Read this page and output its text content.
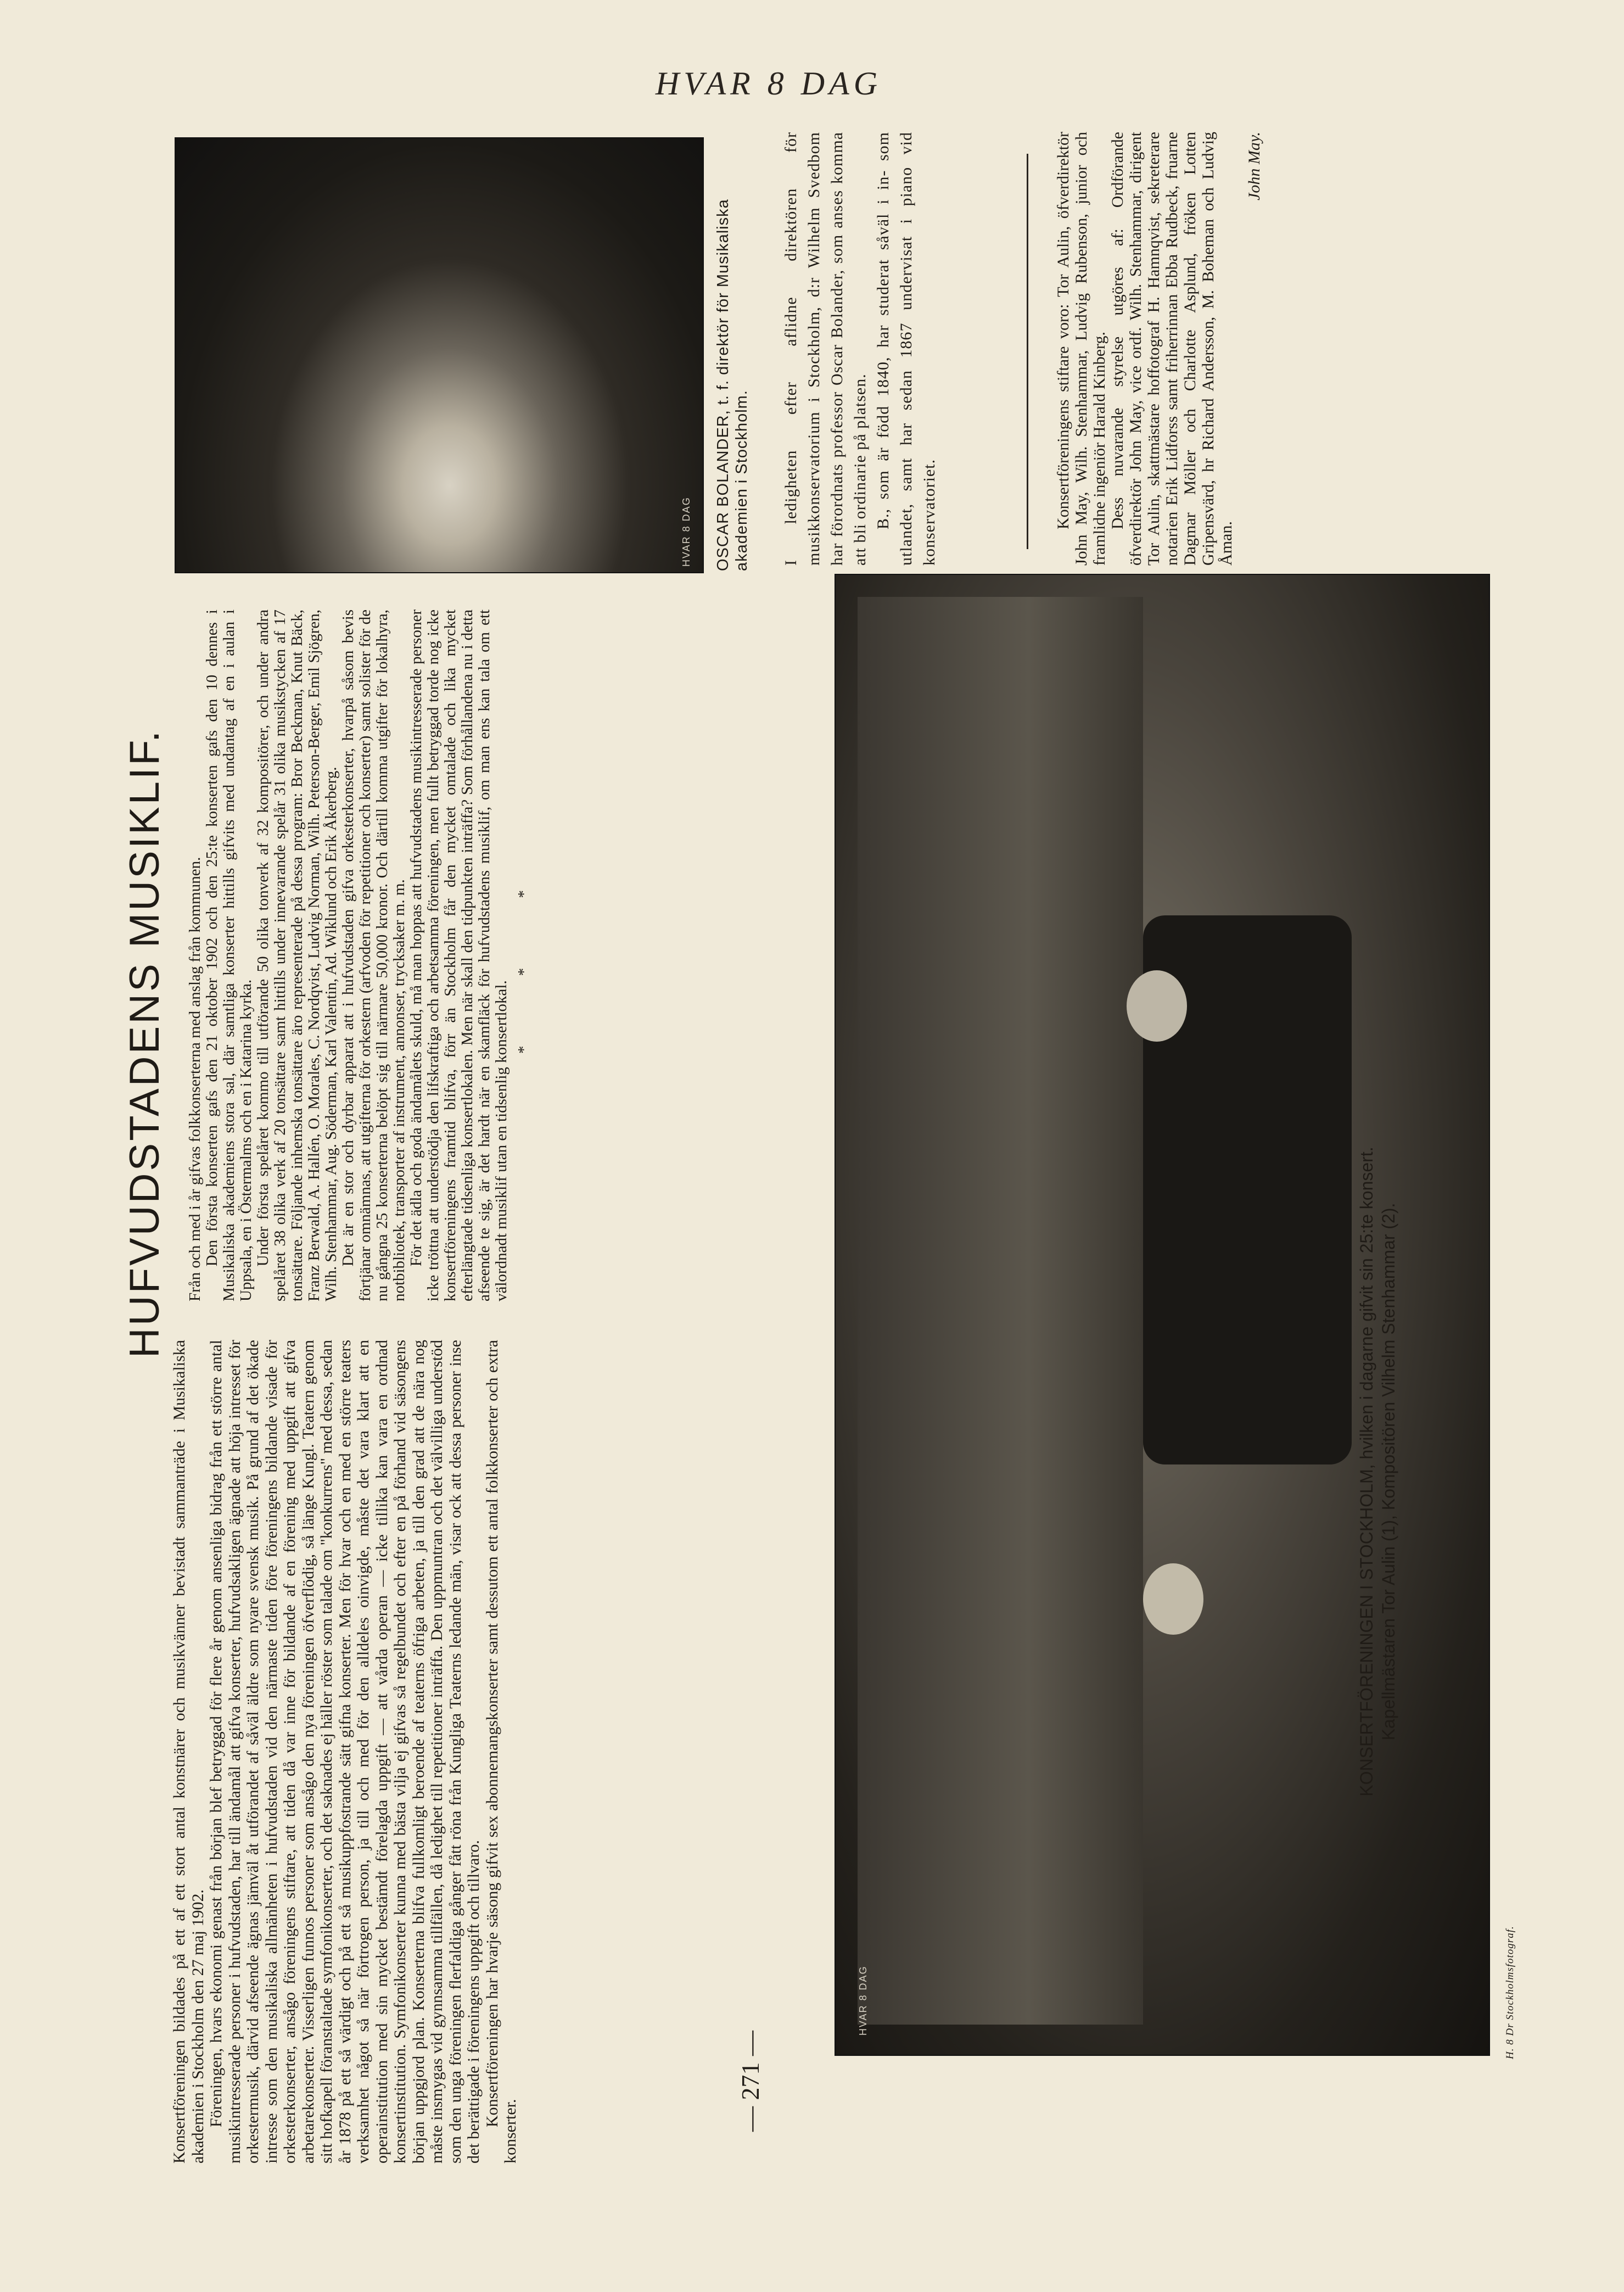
HVAR 8 DAG
— 271 —
HUFVUDSTADENS MUSIKLIF.

Konsertföreningen bildades på ett af ett stort antal konstnärer och musikvänner bevistadt sammanträde i Musikaliska akademien i Stockholm den 27 maj 1902. Föreningen, hvars ekonomi genast från början blef betryggad för flere år genom ansenliga bidrag från ett större antal musikintresserade personer i hufvudstaden, har till ändamål att gifva konserter, hufvudsakligen ägnade att höja intresset för orkestermusik, därvid afseende ägnas jämväl åt utförandet af såväl äldre som nyare svensk musik. På grund af det ökade intresse som den musikaliska allmänheten i hufvudstaden vid den närmaste tiden före föreningens bildande visade för orkesterkonserter, ansågo föreningens stiftare, att tiden då var inne för bildande af en förening med uppgift att gifva arbetarekonserter. Visserligen funnos personer som ansågo den nya föreningen öfverflödig, så länge Kungl. Teatern genom sitt hofkapell föranstaltade symfonikonserter, och det saknades ej häller röster som talade om "konkurrens" med dessa, sedan år 1878 på ett så värdigt och på ett så musikuppfostrande sätt gifna konserter. Men för hvar och en med en större teaters verksamhet något så när förtrogen person, ja till och med för den alldeles oinvigde, måste det vara klart att en operainstitution med sin mycket bestämdt förelagda uppgift — att vårda operan — icke tillika kan vara en ordnad konsertinstitution. Symfonikonserter kunna med bästa vilja ej gifvas så regelbundet och efter en på förhand vid säsongens början uppgjord plan. Konserterna blifva fullkomligt beroende af teaterns öfriga arbeten, ja till den grad att de nära nog måste insmygas vid gynnsamma tillfällen, då ledighet till repetitioner inträffa. Den uppmuntran och det välvilliga understöd som den unga föreningen flerfaldiga gånger fått röna från Kungliga Teaterns ledande män, visar ock att dessa personer inse det berättigade i föreningens uppgift och tillvaro. Konsertföreningen har hvarje säsong gifvit sex abonnemangskonserter samt dessutom ett antal folkkonserter och extra konserter.

Från och med i år gifvas folkkonserterna med anslag från kommunen. Den första konserten gafs den 21 oktober 1902 och den 25:te konserten gafs den 10 dennes i Musikaliska akademiens stora sal, där samtliga konserter hittills gifvits med undantag af en i aulan i Uppsala, en i Östermalms och en i Katarina kyrka. Under första spelåret kommo till utförande 50 olika tonverk af 32 kompositörer, och under andra spelåret 38 olika verk af 20 tonsättare samt hittills under innevarande spelår 31 olika musikstycken af 17 tonsättare. Följande inhemska tonsättare äro representerade på dessa program: Bror Beckman, Knut Bäck, Franz Berwald, A. Hallén, O. Morales, C. Nordqvist, Ludvig Norman, Wilh. Peterson-Berger, Emil Sjögren, Wilh. Stenhammar, Aug. Söderman, Karl Valentin, Ad. Wiklund och Erik Åkerberg. Det är en stor och dyrbar apparat att i hufvudstaden gifva orkesterkonserter, hvarpå såsom bevis förtjänar omnämnas, att utgifterna för orkestern (arfvoden för repetitioner och konserter) samt solister för de nu gångna 25 konserterna belöpt sig till närmare 50,000 kronor. Och därtill komma utgifter för lokalhyra, notbibliotek, transporter af instrument, annonser, trycksaker m. m. För det ädla och goda ändamålets skuld, må man hoppas att hufvudstadens musikintresserade personer icke tröttna att understödja den lifskraftiga och arbetsamma föreningen, men fullt betryggad torde nog icke konsertföreningens framtid blifva, förr än Stockholm får den mycket omtalade och lika mycket efterlängtade tidsenliga konsertlokalen. Men när skall den tidpunkten inträffa? Som förhållandena nu i detta afseende te sig, är det hardt när en skamfläck för hufvudstadens musiklif, om man ens kan tala om ett välordnadt musiklif utan en tidsenlig konsertlokal.

* * *

HVAR 8 DAG OSCAR BOLANDER, t. f. direktör för Musikaliska akademien i Stockholm.	I ledigheten efter aflidne direktören för musikkonservatorium i Stockholm, d:r Wilhelm Svedbom har förordnats professor Oscar Bolander, som anses komma att bli ordinarie på platsen. B., som är född 1840, har studerat såväl i in- som utlandet, samt har sedan 1867 undervisat i piano vid konservatoriet.	Konsertföreningens stiftare voro: Tor Aulin, öfverdirektör John May, Wilh. Stenhammar, Ludvig Rubenson, junior och framlidne ingeniör Harald Kinberg. Dess nuvarande styrelse utgöres af: Ordförande öfverdirektör John May, vice ordf. Wilh. Stenhammar, dirigent Tor Aulin, skattmästare hoffotograf H. Hamnqvist, sekreterare notarien Erik Lidforss samt friherrinnan Ebba Rudbeck, fruarne Dagmar Möller och Charlotte Asplund, fröken Lotten Gripensvärd, hr Richard Andersson, M. Boheman och Ludvig Åman.

John May.

HVAR 8 DAG	H. 8 Dr Stockholmsfotograf.
KONSERTFÖRENINGEN I STOCKHOLM, hvilken i dagarne gifvit sin 25:te konsert. Kapellmästaren Tor Aulin (1), Kompositören Vilhelm Stenhammar (2).
